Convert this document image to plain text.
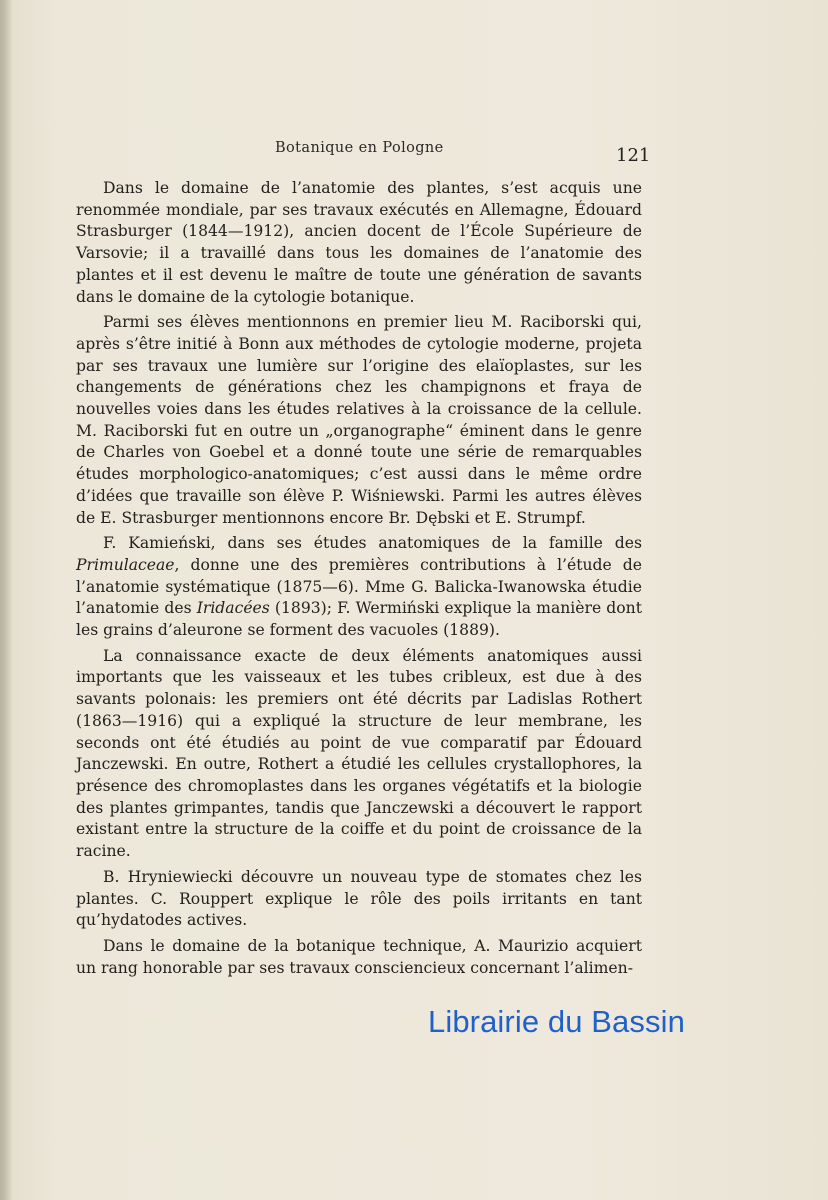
Botanique en Pologne	121

Dans le domaine de l’anatomie des plantes, s’est acquis une renommée mondiale, par ses travaux exécutés en Allemagne, Édouard Strasburger (1844—1912), ancien docent de l’École Supérieure de Varsovie; il a travaillé dans tous les domaines de l’anatomie des plantes et il est devenu le maître de toute une génération de savants dans le domaine de la cytologie botanique.

Parmi ses élèves mentionnons en premier lieu M. Raciborski qui, après s’être initié à Bonn aux méthodes de cytologie moderne, projeta par ses travaux une lumière sur l’origine des elaïoplastes, sur les changements de générations chez les champignons et fraya de nouvelles voies dans les études relatives à la croissance de la cellule. M. Raciborski fut en outre un „organographe“ éminent dans le genre de Charles von Goebel et a donné toute une série de remarquables études morphologico-anatomiques; c’est aussi dans le même ordre d’idées que travaille son élève P. Wiśniewski. Parmi les autres élèves de E. Strasburger mentionnons encore Br. Dębski et E. Strumpf.

F. Kamieński, dans ses études anatomiques de la famille des Primulaceae, donne une des premières contributions à l’étude de l’anatomie systématique (1875—6). Mme G. Balicka-Iwanowska étudie l’anatomie des Iridacées (1893); F. Wermiński explique la manière dont les grains d’aleurone se forment des vacuoles (1889).

La connaissance exacte de deux éléments anatomiques aussi importants que les vaisseaux et les tubes cribleux, est due à des savants polonais: les premiers ont été décrits par Ladislas Rothert (1863—1916) qui a expliqué la structure de leur membrane, les seconds ont été étudiés au point de vue comparatif par Édouard Janczewski. En outre, Rothert a étudié les cellules crystallophores, la présence des chromoplastes dans les organes végétatifs et la biologie des plantes grimpantes, tandis que Janczewski a découvert le rapport existant entre la structure de la coiffe et du point de croissance de la racine.

B. Hryniewiecki découvre un nouveau type de stomates chez les plantes. C. Rouppert explique le rôle des poils irritants en tant qu’hydatodes actives.

Dans le domaine de la botanique technique, A. Maurizio acquiert un rang honorable par ses travaux consciencieux concernant l’alimen-

Librairie du Bassin
